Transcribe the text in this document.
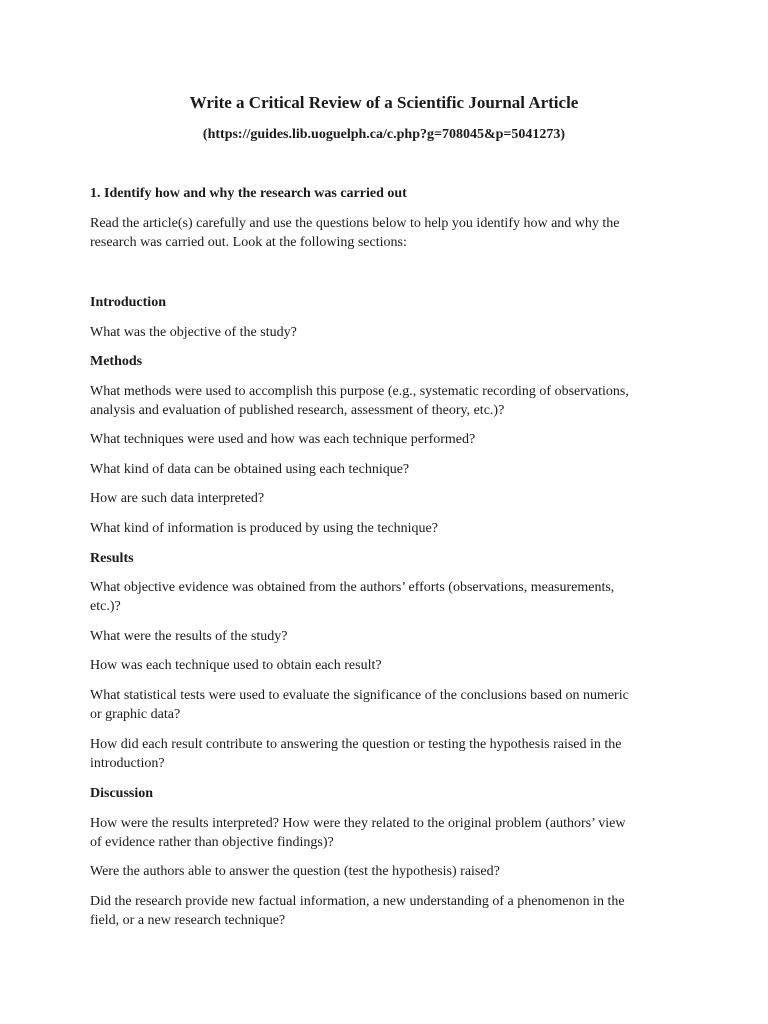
Write a Critical Review of a Scientific Journal Article

(https://guides.lib.uoguelph.ca/c.php?g=708045&p=5041273)

1. Identify how and why the research was carried out

Read the article(s) carefully and use the questions below to help you identify how and why the

research was carried out. Look at the following sections:

Introduction

What was the objective of the study?

Methods

What methods were used to accomplish this purpose (e.g., systematic recording of observations,

analysis and evaluation of published research, assessment of theory, etc.)?

What techniques were used and how was each technique performed?

What kind of data can be obtained using each technique?

How are such data interpreted?

What kind of information is produced by using the technique?

Results

What objective evidence was obtained from the authors’ efforts (observations, measurements,

etc.)?

What were the results of the study?

How was each technique used to obtain each result?

What statistical tests were used to evaluate the significance of the conclusions based on numeric

or graphic data?

How did each result contribute to answering the question or testing the hypothesis raised in the

introduction?

Discussion

How were the results interpreted? How were they related to the original problem (authors’ view

of evidence rather than objective findings)?

Were the authors able to answer the question (test the hypothesis) raised?

Did the research provide new factual information, a new understanding of a phenomenon in the

field, or a new research technique?
